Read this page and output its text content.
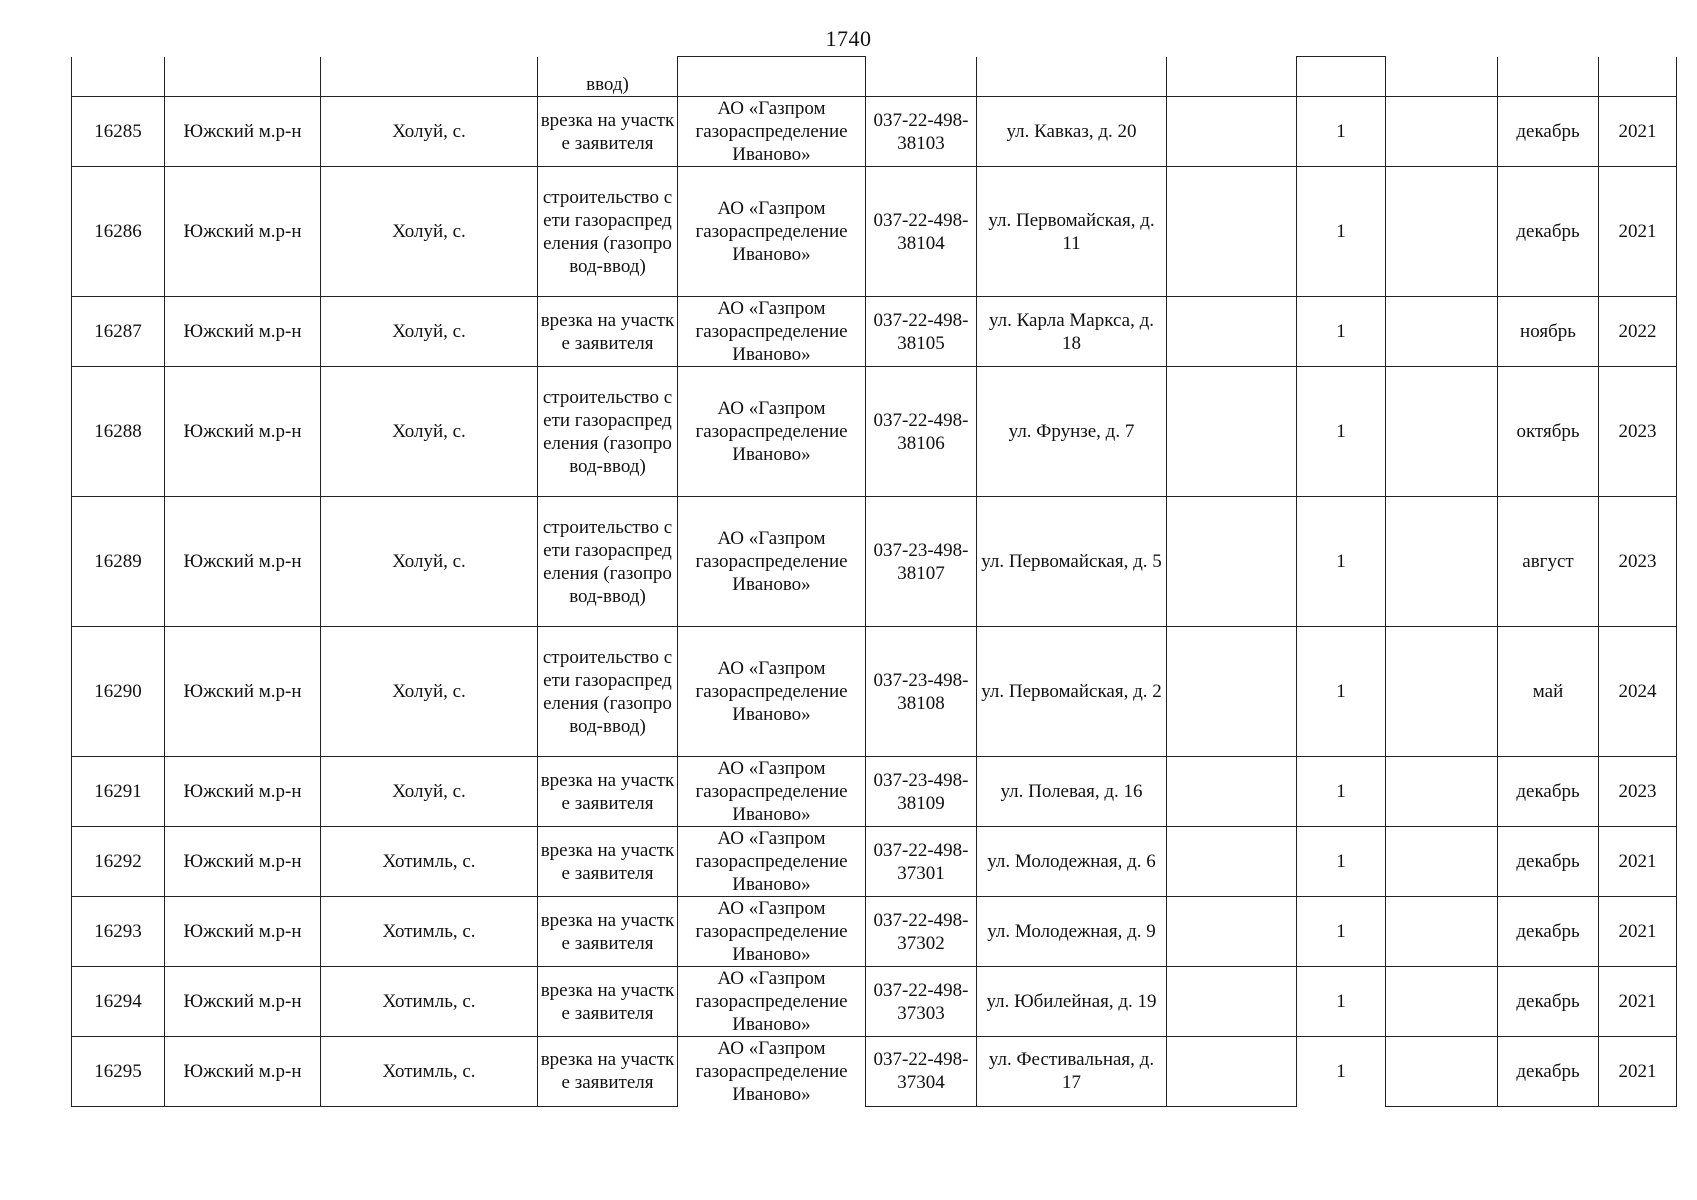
1740
			ввод)								
16285	Южский м.р-н	Холуй, с.	врезка на участке заявителя	АО «Газпром газораспределение Иваново»	037-22-498-38103	ул. Кавказ, д. 20		1		декабрь	2021
16286	Южский м.р-н	Холуй, с.	строительство сети газораспределения (газопровод-ввод)	АО «Газпром газораспределение Иваново»	037-22-498-38104	ул. Первомайская, д. 11		1		декабрь	2021
16287	Южский м.р-н	Холуй, с.	врезка на участке заявителя	АО «Газпром газораспределение Иваново»	037-22-498-38105	ул. Карла Маркса, д. 18		1		ноябрь	2022
16288	Южский м.р-н	Холуй, с.	строительство сети газораспределения (газопровод-ввод)	АО «Газпром газораспределение Иваново»	037-22-498-38106	ул. Фрунзе, д. 7		1		октябрь	2023
16289	Южский м.р-н	Холуй, с.	строительство сети газораспределения (газопровод-ввод)	АО «Газпром газораспределение Иваново»	037-23-498-38107	ул. Первомайская, д. 5		1		август	2023
16290	Южский м.р-н	Холуй, с.	строительство сети газораспределения (газопровод-ввод)	АО «Газпром газораспределение Иваново»	037-23-498-38108	ул. Первомайская, д. 2		1		май	2024
16291	Южский м.р-н	Холуй, с.	врезка на участке заявителя	АО «Газпром газораспределение Иваново»	037-23-498-38109	ул. Полевая, д. 16		1		декабрь	2023
16292	Южский м.р-н	Хотимль, с.	врезка на участке заявителя	АО «Газпром газораспределение Иваново»	037-22-498-37301	ул. Молодежная, д. 6		1		декабрь	2021
16293	Южский м.р-н	Хотимль, с.	врезка на участке заявителя	АО «Газпром газораспределение Иваново»	037-22-498-37302	ул. Молодежная, д. 9		1		декабрь	2021
16294	Южский м.р-н	Хотимль, с.	врезка на участке заявителя	АО «Газпром газораспределение Иваново»	037-22-498-37303	ул. Юбилейная, д. 19		1		декабрь	2021
16295	Южский м.р-н	Хотимль, с.	врезка на участке заявителя	АО «Газпром газораспределение Иваново»	037-22-498-37304	ул. Фестивальная, д. 17		1		декабрь	2021
